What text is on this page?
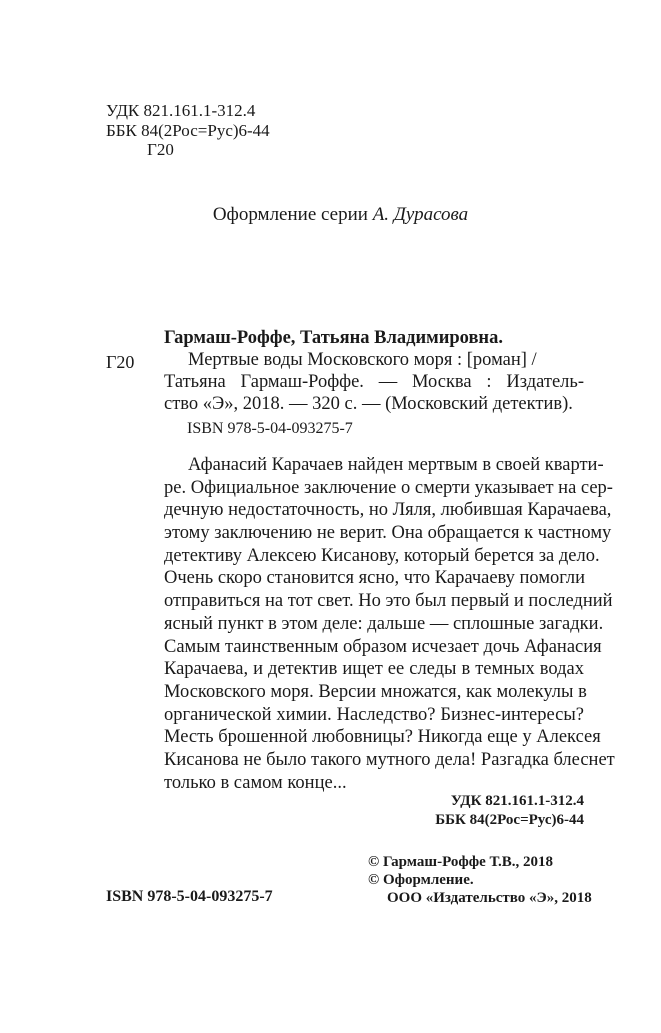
УДК 821.161.1-312.4
ББК 84(2Рос=Рус)6-44
Г20
Оформление серии А. Дурасова
Гармаш-Роффе, Татьяна Владимировна.
Г20	Мертвые воды Московского моря : [роман] /
Татьяна Гармаш-Роффе. — Москва : Издатель-
ство «Э», 2018. — 320 с. — (Московский детектив).
ISBN 978-5-04-093275-7
Афанасий Карачаев найден мертвым в своей кварти-
ре. Официальное заключение о смерти указывает на сер-
дечную недостаточность, но Ляля, любившая Карачаева,
этому заключению не верит. Она обращается к частному
детективу Алексею Кисанову, который берется за дело.
Очень скоро становится ясно, что Карачаеву помогли
отправиться на тот свет. Но это был первый и последний
ясный пункт в этом деле: дальше — сплошные загадки.
Самым таинственным образом исчезает дочь Афанасия
Карачаева, и детектив ищет ее следы в темных водах
Московского моря. Версии множатся, как молекулы в
органической химии. Наследство? Бизнес-интересы?
Месть брошенной любовницы? Никогда еще у Алексея
Кисанова не было такого мутного дела! Разгадка блеснет
только в самом конце...
УДК 821.161.1-312.4
ББК 84(2Рос=Рус)6-44
© Гармаш-Роффе Т.В., 2018
© Оформление.
ISBN 978-5-04-093275-7	ООО «Издательство «Э», 2018
